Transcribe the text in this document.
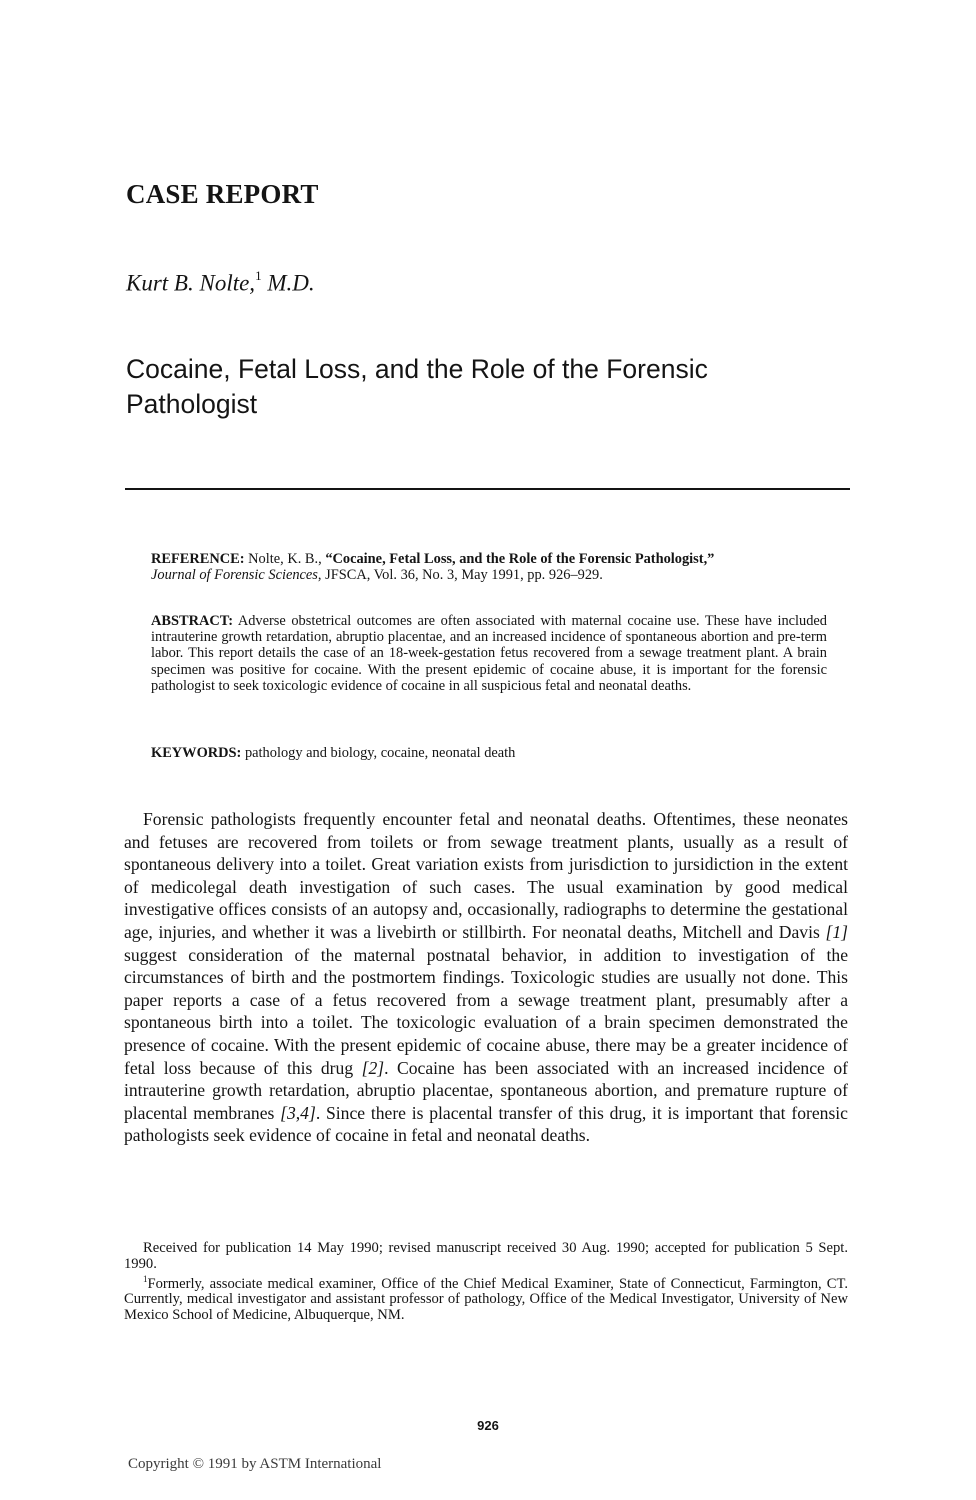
CASE REPORT
Kurt B. Nolte,$^1$ M.D.
Cocaine, Fetal Loss, and the Role of the Forensic Pathologist

REFERENCE: Nolte, K. B., “Cocaine, Fetal Loss, and the Role of the Forensic Pathologist,”
Journal of Forensic Sciences, JFSCA, Vol. 36, No. 3, May 1991, pp. 926–929.

ABSTRACT: Adverse obstetrical outcomes are often associated with maternal cocaine use. These have included intrauterine growth retardation, abruptio placentae, and an increased incidence of spontaneous abortion and pre-term labor. This report details the case of an 18-week-gestation fetus recovered from a sewage treatment plant. A brain specimen was positive for cocaine. With the present epidemic of cocaine abuse, it is important for the forensic pathologist to seek toxicologic evidence of cocaine in all suspicious fetal and neonatal deaths.

KEYWORDS: pathology and biology, cocaine, neonatal death

Forensic pathologists frequently encounter fetal and neonatal deaths. Oftentimes, these neonates and fetuses are recovered from toilets or from sewage treatment plants, usually as a result of spontaneous delivery into a toilet. Great variation exists from jurisdiction to jursidiction in the extent of medicolegal death investigation of such cases. The usual examination by good medical investigative offices consists of an autopsy and, occasionally, radiographs to determine the gestational age, injuries, and whether it was a livebirth or stillbirth. For neonatal deaths, Mitchell and Davis [1] suggest consideration of the maternal postnatal behavior, in addition to investigation of the circumstances of birth and the postmortem findings. Toxicologic studies are usually not done. This paper reports a case of a fetus recovered from a sewage treatment plant, presumably after a spontaneous birth into a toilet. The toxicologic evaluation of a brain specimen demonstrated the presence of cocaine. With the present epidemic of cocaine abuse, there may be a greater incidence of fetal loss because of this drug [2]. Cocaine has been associated with an increased incidence of intrauterine growth retardation, abruptio placentae, spontaneous abortion, and premature rupture of placental membranes [3,4]. Since there is placental transfer of this drug, it is important that forensic pathologists seek evidence of cocaine in fetal and neonatal deaths.

Received for publication 14 May 1990; revised manuscript received 30 Aug. 1990; accepted for publication 5 Sept. 1990.

$^1$Formerly, associate medical examiner, Office of the Chief Medical Examiner, State of Connecticut, Farmington, CT. Currently, medical investigator and assistant professor of pathology, Office of the Medical Investigator, University of New Mexico School of Medicine, Albuquerque, NM.

926
Copyright © 1991 by ASTM International
